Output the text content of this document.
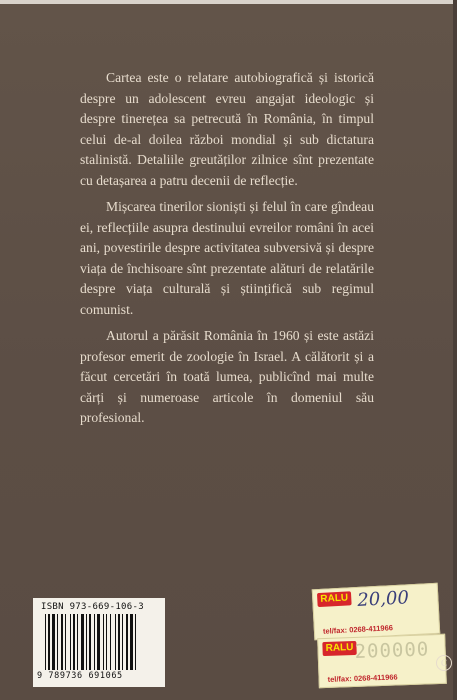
Cartea este o relatare autobiografică și istorică despre un adolescent evreu angajat ideologic și despre tinerețea sa petrecută în România, în timpul celui de-al doilea război mondial și sub dictatura stalinistă. Detaliile greutăților zilnice sînt prezentate cu detașarea a patru decenii de reflecție.

Mișcarea tinerilor sioniști și felul în care gîndeau ei, reflecțiile asupra destinului evreilor români în acei ani, povestirile despre activitatea subversivă și despre viața de închisoare sînt prezentate alături de relatările despre viața culturală și științifică sub regimul comunist.

Autorul a părăsit România în 1960 și este astăzi profesor emerit de zoologie în Israel. A călătorit și a făcut cercetări în toată lumea, publicînd mai multe cărți și numeroase articole în domeniul său profesional.

ISBN 973-669-106-3
9 789736 691065
RALU 20,00
tel/fax: 0268-411966
RALU 200000
tel/fax: 0268-411966
C
